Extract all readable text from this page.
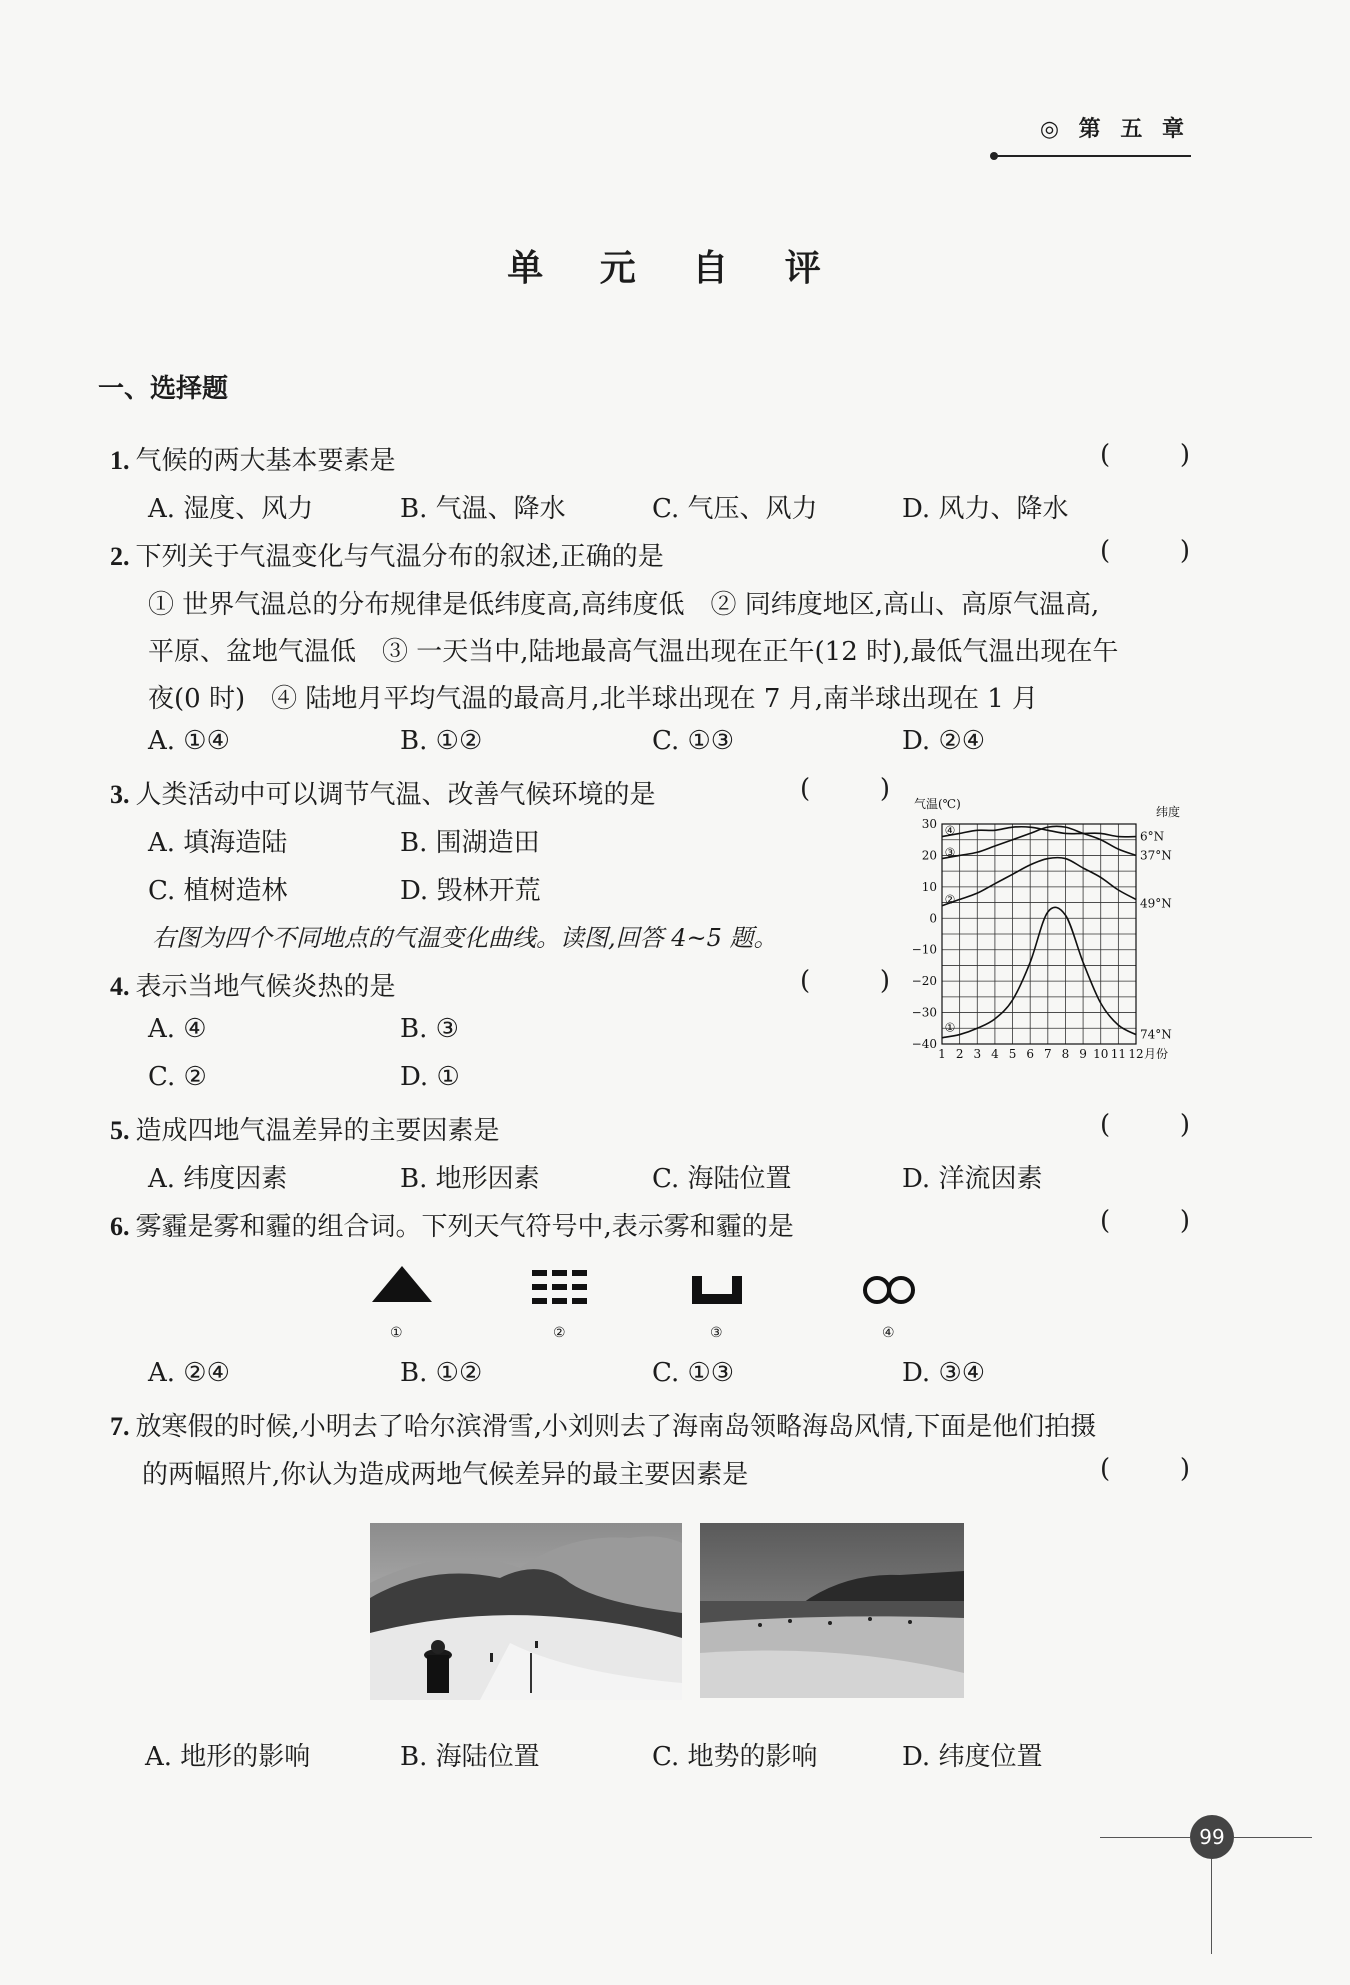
◎ 第 五 章
单 元 自 评
一、选择题
1. 气候的两大基本要素是	(	)
A. 湿度、风力	B. 气温、降水	C. 气压、风力	D. 风力、降水
2. 下列关于气温变化与气温分布的叙述,正确的是	(	)
① 世界气温总的分布规律是低纬度高,高纬度低　② 同纬度地区,高山、高原气温高,
平原、盆地气温低　③ 一天当中,陆地最高气温出现在正午(12 时),最低气温出现在午
夜(0 时)　④ 陆地月平均气温的最高月,北半球出现在 7 月,南半球出现在 1 月
A. ①④	B. ①②	C. ①③	D. ②④
3. 人类活动中可以调节气温、改善气候环境的是	(	)
A. 填海造陆	B. 围湖造田
C. 植树造林	D. 毁林开荒
右图为四个不同地点的气温变化曲线。读图,回答 4~5 题。
4. 表示当地气候炎热的是	(	)
A. ④	B. ③
C. ②	D. ①
30
20
10
0
−10
−20
−30
−40
1 2 3 4 5 6 7 8 9 10 11 12 月份
气温(℃)
纬度
④	6°N
③	37°N
②	49°N
①	74°N
5. 造成四地气温差异的主要因素是	(	)
A. 纬度因素	B. 地形因素	C. 海陆位置	D. 洋流因素
6. 雾霾是雾和霾的组合词。下列天气符号中,表示雾和霾的是	(	)
①	②	③	④
A. ②④	B. ①②	C. ①③	D. ③④
7. 放寒假的时候,小明去了哈尔滨滑雪,小刘则去了海南岛领略海岛风情,下面是他们拍摄
的两幅照片,你认为造成两地气候差异的最主要因素是	(	)
A. 地形的影响	B. 海陆位置	C. 地势的影响	D. 纬度位置
99
